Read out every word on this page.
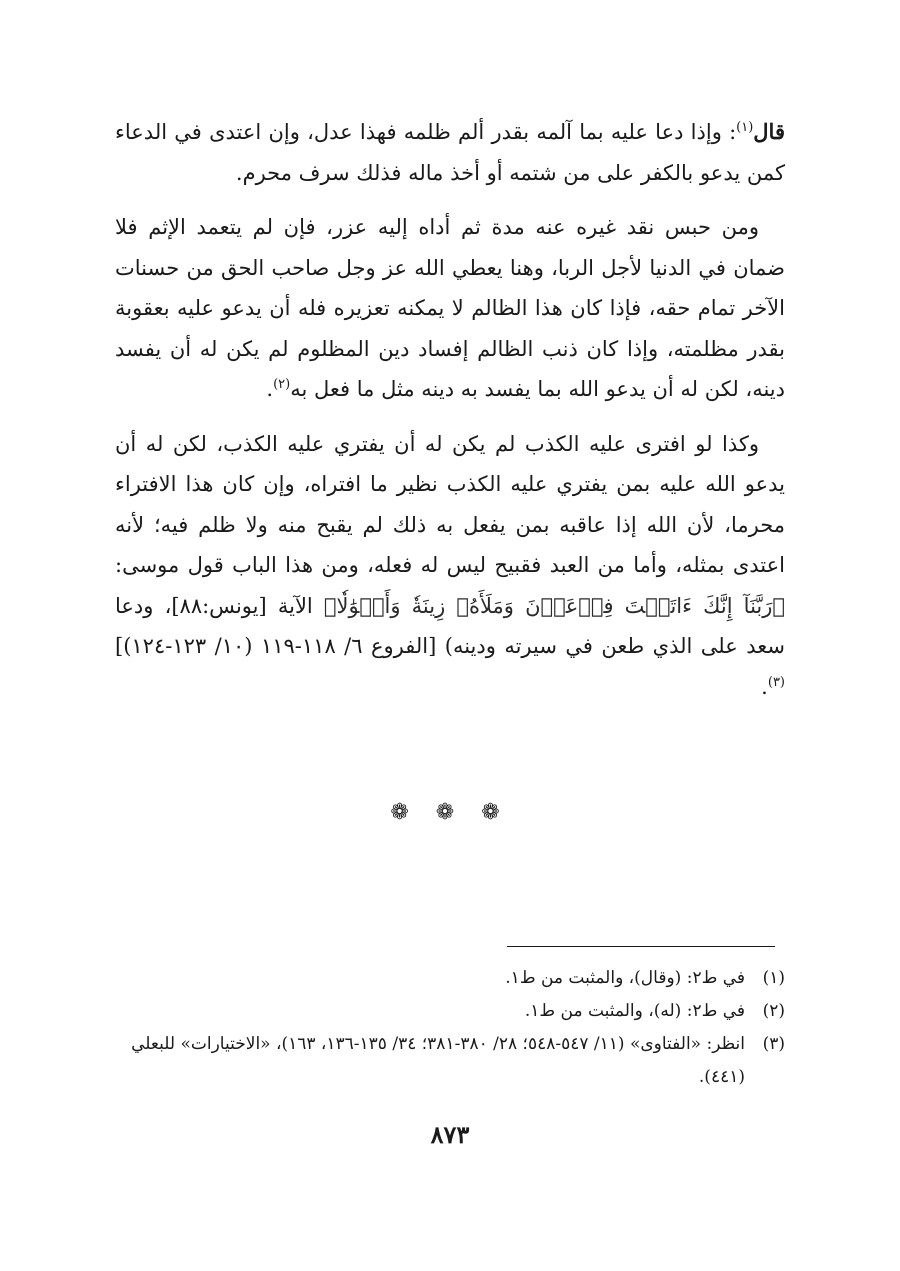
قال$^{(١)}$: وإذا دعا عليه بما آلمه بقدر ألم ظلمه فهذا عدل، وإن اعتدى في الدعاء كمن يدعو بالكفر على من شتمه أو أخذ ماله فذلك سرف محرم.

ومن حبس نقد غيره عنه مدة ثم أداه إليه عزر، فإن لم يتعمد الإثم فلا ضمان في الدنيا لأجل الربا، وهنا يعطي الله عز وجل صاحب الحق من حسنات الآخر تمام حقه، فإذا كان هذا الظالم لا يمكنه تعزيره فله أن يدعو عليه بعقوبة بقدر مظلمته، وإذا كان ذنب الظالم إفساد دين المظلوم لم يكن له أن يفسد دينه، لكن له أن يدعو الله بما يفسد به دينه مثل ما فعل به$^{(٢)}$.

وكذا لو افترى عليه الكذب لم يكن له أن يفتري عليه الكذب، لكن له أن يدعو الله عليه بمن يفتري عليه الكذب نظير ما افتراه، وإن كان هذا الافتراء محرما، لأن الله إذا عاقبه بمن يفعل به ذلك لم يقبح منه ولا ظلم فيه؛ لأنه اعتدى بمثله، وأما من العبد فقبيح ليس له فعله، ومن هذا الباب قول موسى: ﴿رَبَّنَآ إِنَّكَ ءَاتَيۡتَ فِرۡعَوۡنَ وَمَلَأَهُۥ زِينَةٗ وَأَمۡوَٰلٗا﴾ الآية [يونس:٨٨]، ودعا سعد على الذي طعن في سيرته ودينه) [الفروع ٦/ ١١٨-١١٩ (١٠/ ١٢٣-١٢٤)]$^{(٣)}$.

❁ ❁ ❁
(١)
في ط٢: (وقال)، والمثبت من ط١.
(٢)
في ط٢: (له)، والمثبت من ط١.
(٣)
انظر: «الفتاوى» (١١/ ٥٤٧-٥٤٨؛ ٢٨/ ٣٨٠-٣٨١؛ ٣٤/ ١٣٥-١٣٦، ١٦٣)، «الاختيارات» للبعلي (٤٤١).
٨٧٣
